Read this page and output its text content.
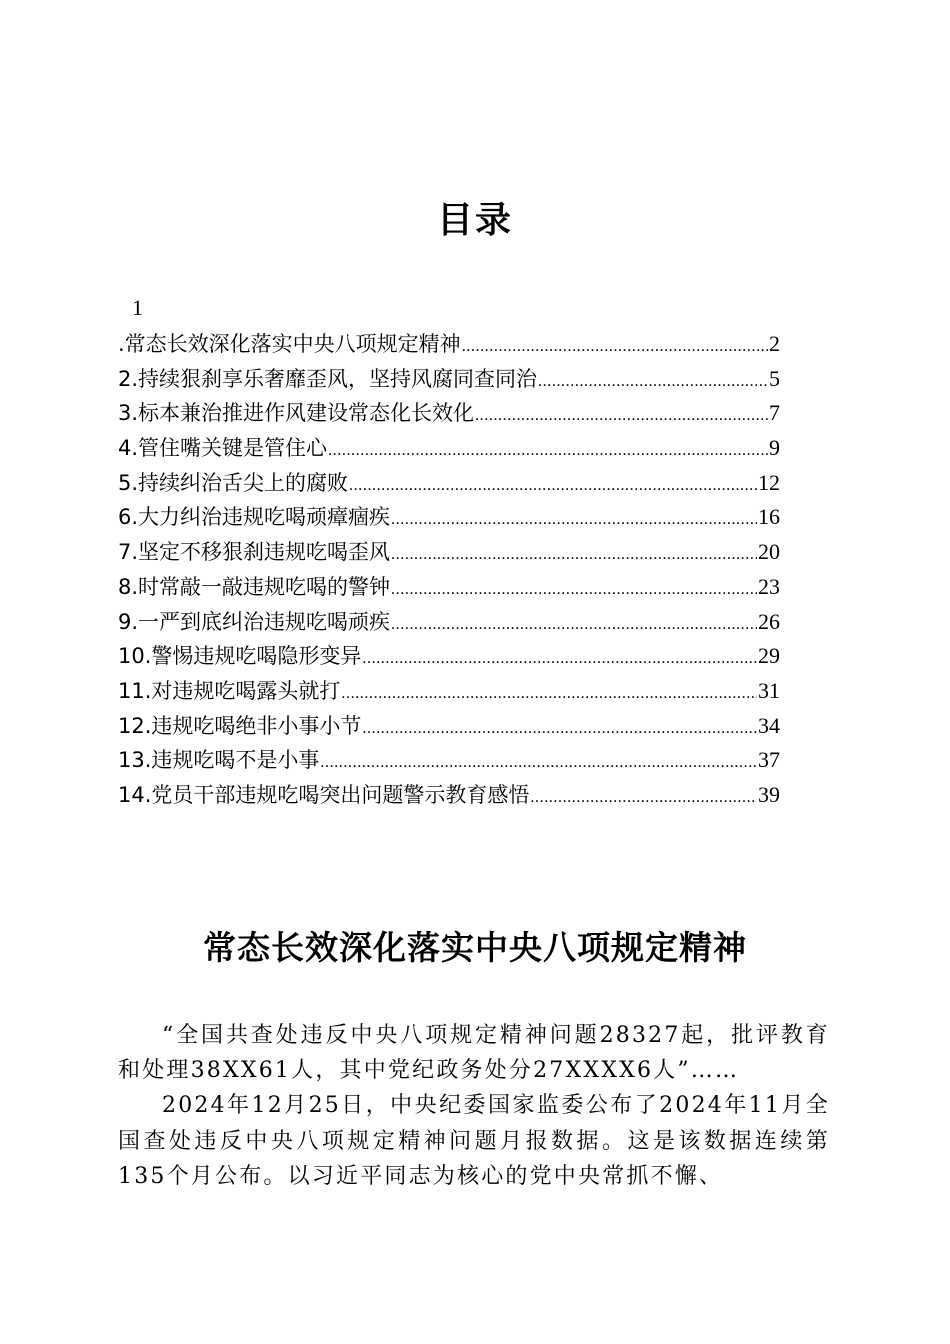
目录
1
.常态长效深化落实中央八项规定精神 .....	2
2.持续狠刹享乐奢靡歪风，坚持风腐同查同治 .....	5
3.标本兼治推进作风建设常态化长效化 .....	7
4.管住嘴关键是管住心 .....	9
5.持续纠治舌尖上的腐败 .....	12
6.大力纠治违规吃喝顽瘴痼疾 .....	16
7.坚定不移狠刹违规吃喝歪风 .....	20
8.时常敲一敲违规吃喝的警钟 .....	23
9.一严到底纠治违规吃喝顽疾 .....	26
10.警惕违规吃喝隐形变异 .....	29
11.对违规吃喝露头就打 .....	31
12.违规吃喝绝非小事小节 .....	34
13.违规吃喝不是小事 .....	37
14.党员干部违规吃喝突出问题警示教育感悟 .....	39
常态长效深化落实中央八项规定精神

“全国共查处违反中央八项规定精神问题28327起，批评教育和处理38XX61人，其中党纪政务处分27XXXX6人”……

2024年12月25日，中央纪委国家监委公布了2024年11月全国查处违反中央八项规定精神问题月报数据。这是该数据连续第135个月公布。以习近平同志为核心的党中央常抓不懈、
